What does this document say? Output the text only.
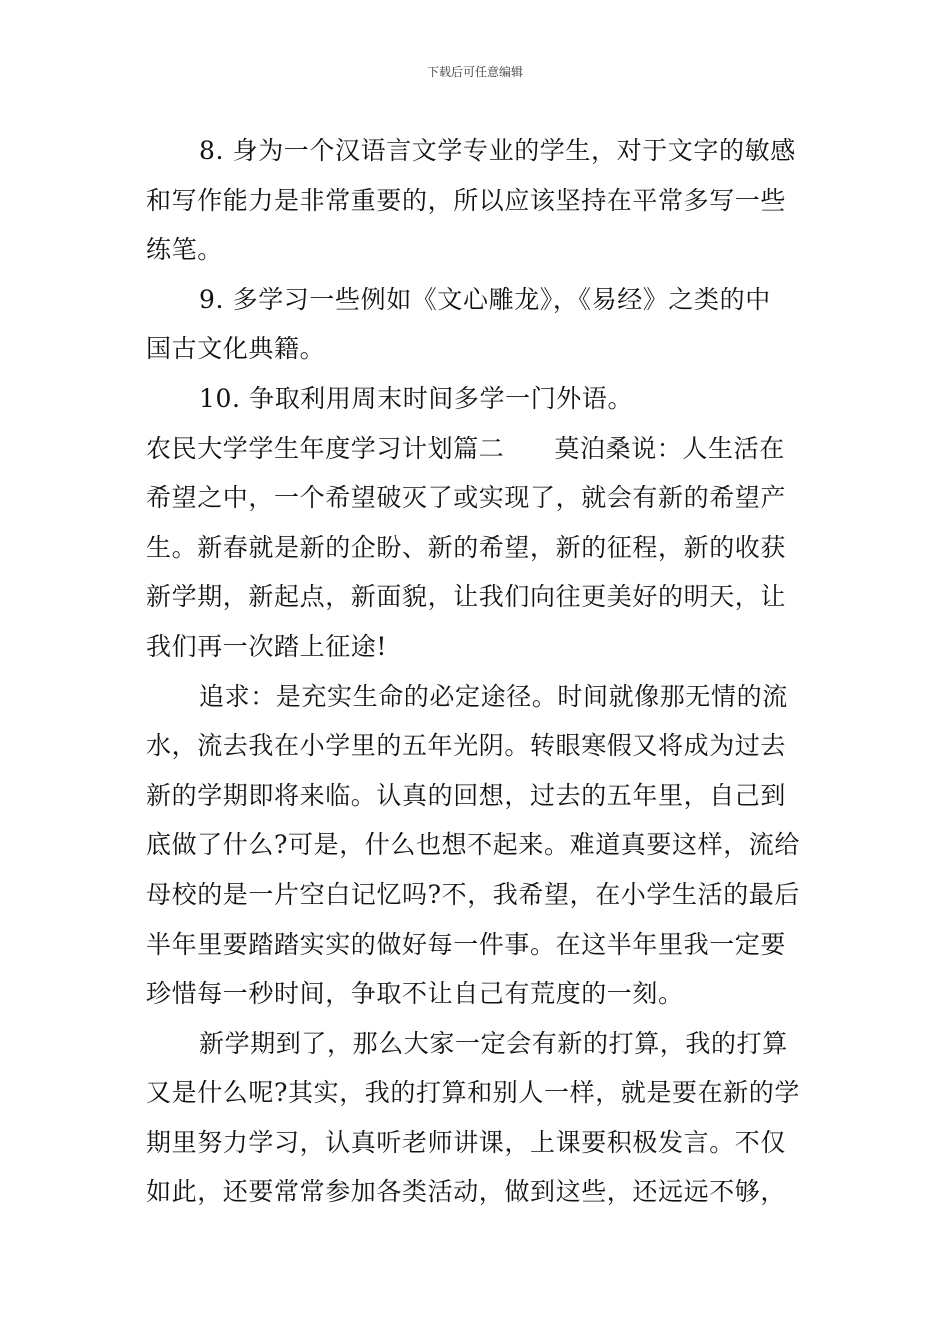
下载后可任意编辑
8. 身为一个汉语言文学专业的学生，对于文字的敏感
和写作能力是非常重要的，所以应该坚持在平常多写一些
练笔。
9. 多学习一些例如《文心雕龙》，《易经》之类的中
国古文化典籍。
10. 争取利用周末时间多学一门外语。
农民大学学生年度学习计划篇二 莫泊桑说：人生活在
希望之中，一个希望破灭了或实现了，就会有新的希望产
生。新春就是新的企盼、新的希望，新的征程，新的收获
新学期，新起点，新面貌，让我们向往更美好的明天，让
我们再一次踏上征途!
追求：是充实生命的必定途径。时间就像那无情的流
水，流去我在小学里的五年光阴。转眼寒假又将成为过去
新的学期即将来临。认真的回想，过去的五年里，自己到
底做了什么?可是，什么也想不起来。难道真要这样，流给
母校的是一片空白记忆吗?不，我希望，在小学生活的最后
半年里要踏踏实实的做好每一件事。在这半年里我一定要
珍惜每一秒时间，争取不让自己有荒度的一刻。
新学期到了，那么大家一定会有新的打算，我的打算
又是什么呢?其实，我的打算和别人一样，就是要在新的学
期里努力学习，认真听老师讲课，上课要积极发言。不仅
如此，还要常常参加各类活动，做到这些，还远远不够，
